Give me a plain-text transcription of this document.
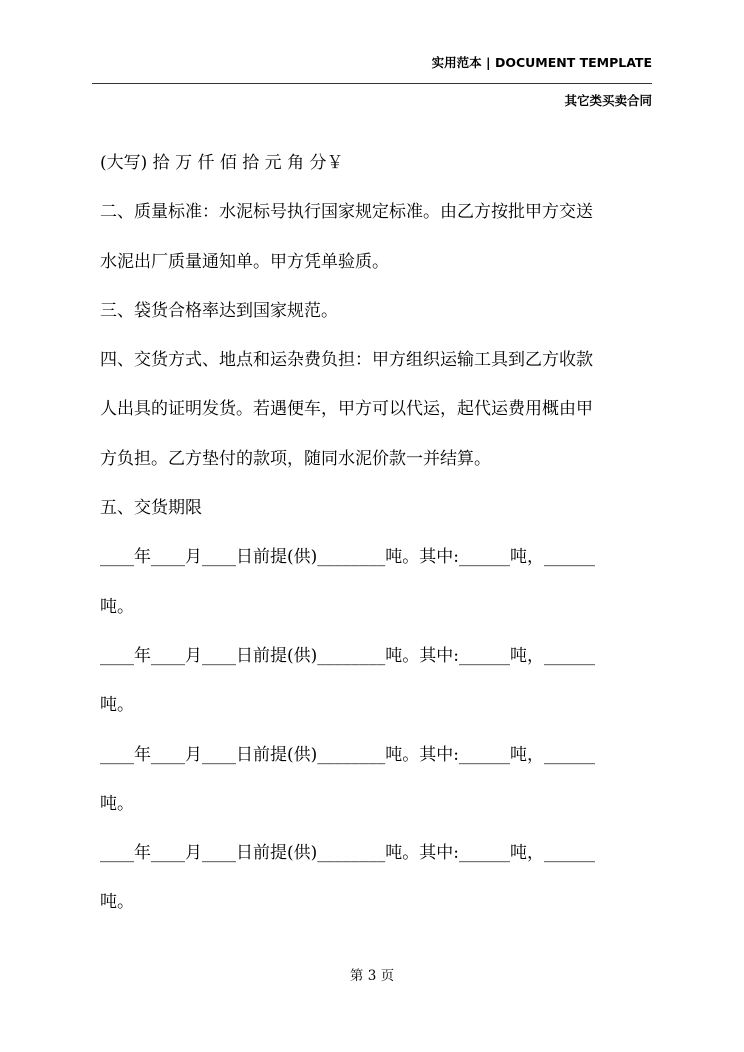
实用范本 | DOCUMENT TEMPLATE
其它类买卖合同

(大写) 拾 万 仟 佰 拾 元 角 分￥

二、质量标准：水泥标号执行国家规定标准。由乙方按批甲方交送

水泥出厂质量通知单。甲方凭单验质。

三、袋货合格率达到国家规范。

四、交货方式、地点和运杂费负担：甲方组织运输工具到乙方收款

人出具的证明发货。若遇便车，甲方可以代运，起代运费用概由甲

方负担。乙方垫付的款项，随同水泥价款一并结算。

五、交货期限

____年____月____日前提(供)________吨。其中:______吨，______

吨。

____年____月____日前提(供)________吨。其中:______吨，______

吨。

____年____月____日前提(供)________吨。其中:______吨，______

吨。

____年____月____日前提(供)________吨。其中:______吨，______

吨。

第 3 页
